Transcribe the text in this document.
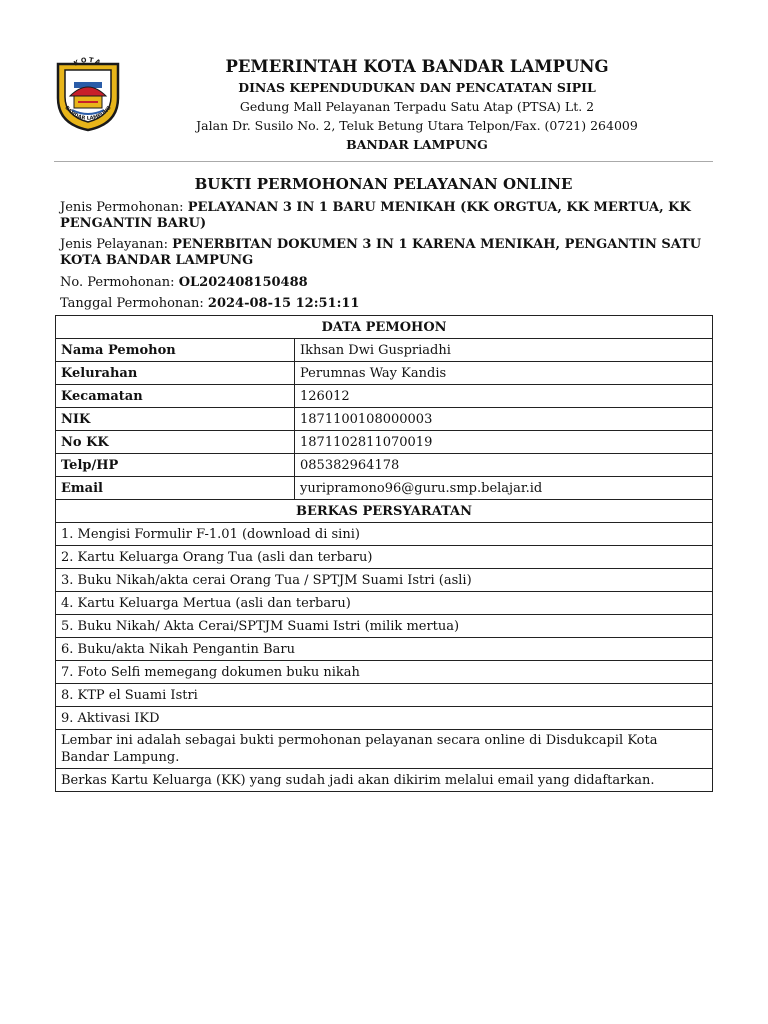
KOTA
BANDAR LAMPUNG
PEMERINTAH KOTA BANDAR LAMPUNG
DINAS KEPENDUDUKAN DAN PENCATATAN SIPIL
Gedung Mall Pelayanan Terpadu Satu Atap (PTSA) Lt. 2
Jalan Dr. Susilo No. 2, Teluk Betung Utara Telpon/Fax. (0721) 264009
BANDAR LAMPUNG
BUKTI PERMOHONAN PELAYANAN ONLINE
Jenis Permohonan: PELAYANAN 3 IN 1 BARU MENIKAH (KK ORGTUA, KK MERTUA, KK PENGANTIN BARU)
Jenis Pelayanan: PENERBITAN DOKUMEN 3 IN 1 KARENA MENIKAH, PENGANTIN SATU KOTA BANDAR LAMPUNG
No. Permohonan: OL202408150488
Tanggal Permohonan: 2024-08-15 12:51:11
DATA PEMOHON	
Nama Pemohon	Ikhsan Dwi Guspriadhi
Kelurahan	Perumnas Way Kandis
Kecamatan	126012
NIK	1871100108000003
No KK	1871102811070019
Telp/HP	085382964178
Email	yuripramono96@guru.smp.belajar.id
BERKAS PERSYARATAN	
1. Mengisi Formulir F-1.01 (download di sini)	
2. Kartu Keluarga Orang Tua (asli dan terbaru)	
3. Buku Nikah/akta cerai Orang Tua / SPTJM Suami Istri (asli)	
4. Kartu Keluarga Mertua (asli dan terbaru)	
5. Buku Nikah/ Akta Cerai/SPTJM Suami Istri (milik mertua)	
6. Buku/akta Nikah Pengantin Baru	
7. Foto Selfi memegang dokumen buku nikah	
8. KTP el Suami Istri	
9. Aktivasi IKD	
Lembar ini adalah sebagai bukti permohonan pelayanan secara online di Disdukcapil Kota Bandar Lampung.	
Berkas Kartu Keluarga (KK) yang sudah jadi akan dikirim melalui email yang didaftarkan.	
